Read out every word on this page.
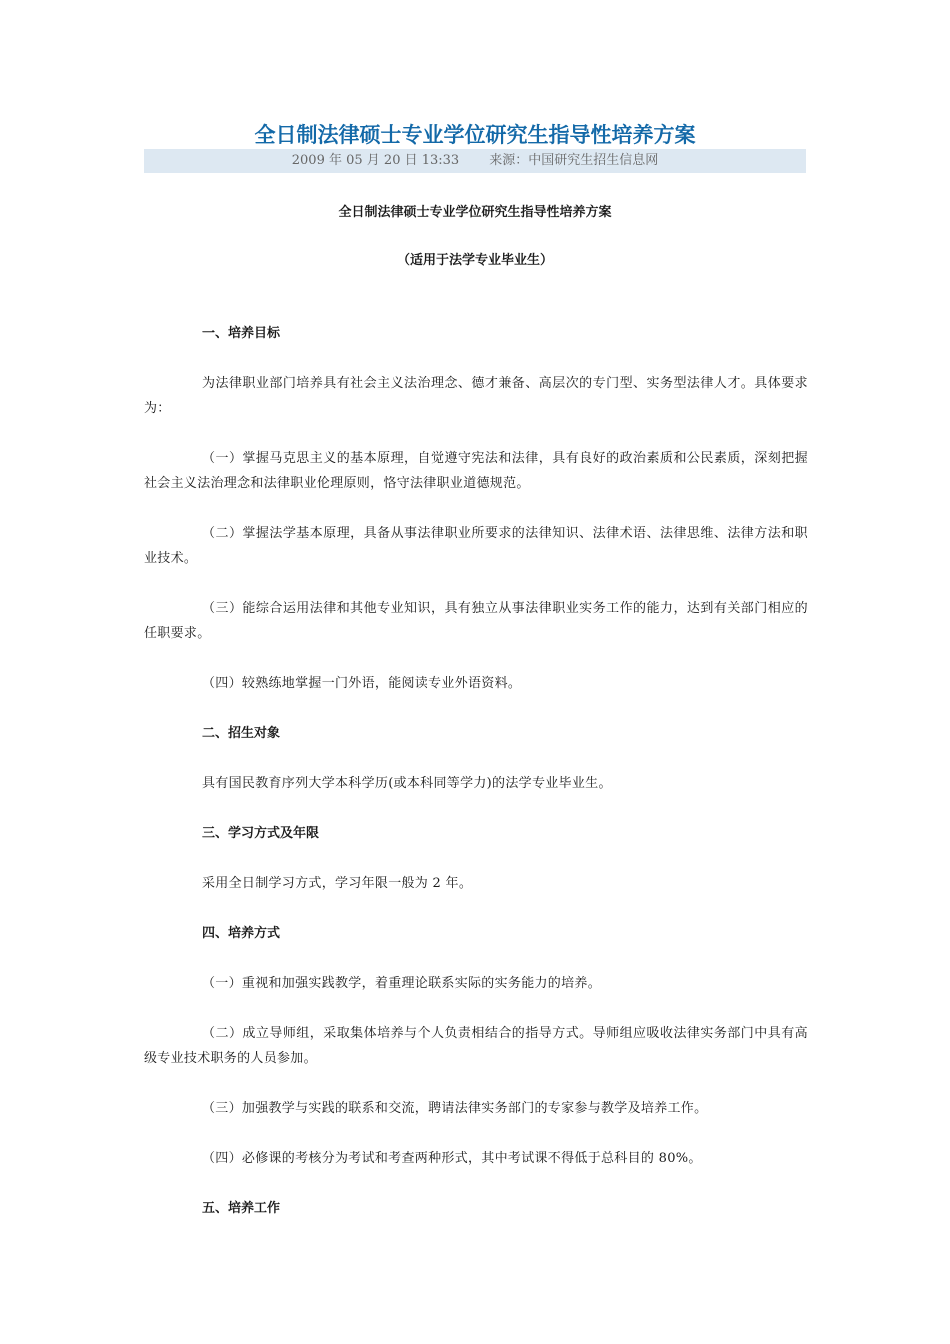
全日制法律硕士专业学位研究生指导性培养方案
2009 年 05 月 20 日 13:33 来源：中国研究生招生信息网
全日制法律硕士专业学位研究生指导性培养方案
（适用于法学专业毕业生）

一、培养目标

为法律职业部门培养具有社会主义法治理念、德才兼备、高层次的专门型、实务型法律人才。具体要求为：

（一）掌握马克思主义的基本原理，自觉遵守宪法和法律，具有良好的政治素质和公民素质，深刻把握社会主义法治理念和法律职业伦理原则，恪守法律职业道德规范。

（二）掌握法学基本原理，具备从事法律职业所要求的法律知识、法律术语、法律思维、法律方法和职业技术。

（三）能综合运用法律和其他专业知识，具有独立从事法律职业实务工作的能力，达到有关部门相应的任职要求。

（四）较熟练地掌握一门外语，能阅读专业外语资料。

二、招生对象

具有国民教育序列大学本科学历(或本科同等学力)的法学专业毕业生。

三、学习方式及年限

采用全日制学习方式，学习年限一般为 2 年。

四、培养方式

（一）重视和加强实践教学，着重理论联系实际的实务能力的培养。

（二）成立导师组，采取集体培养与个人负责相结合的指导方式。导师组应吸收法律实务部门中具有高级专业技术职务的人员参加。

（三）加强教学与实践的联系和交流，聘请法律实务部门的专家参与教学及培养工作。

（四）必修课的考核分为考试和考查两种形式，其中考试课不得低于总科目的 80%。

五、培养工作
